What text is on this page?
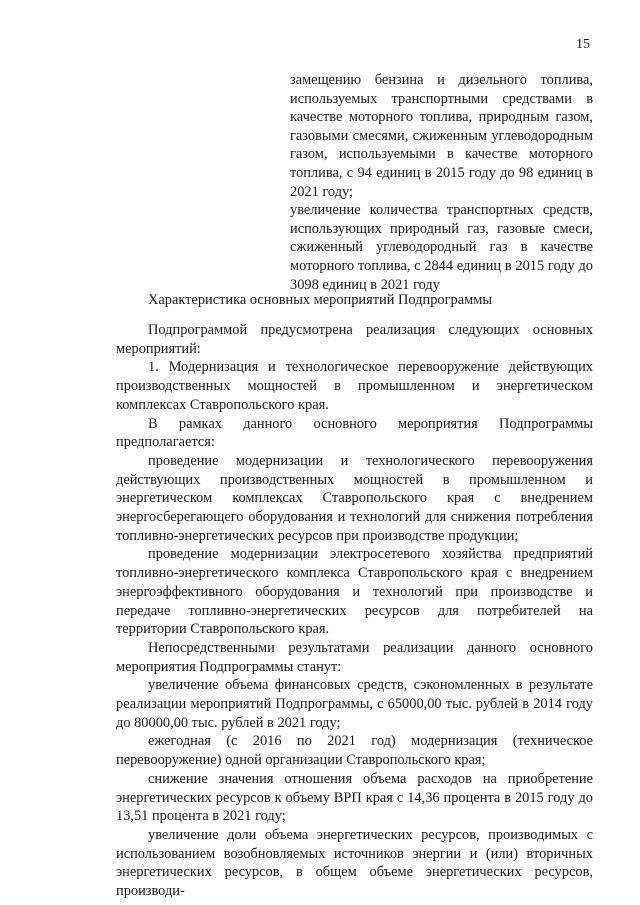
15

замещению бензина и дизельного топлива, используемых транспортными средствами в качестве моторного топлива, природным газом, газовыми смесями, сжиженным углеводородным газом, используемыми в качестве моторного топлива, с 94 единиц в 2015 году до 98 единиц в 2021 году;

увеличение количества транспортных средств, использующих природный газ, газовые смеси, сжиженный углеводородный газ в качестве моторного топлива, с 2844 единиц в 2015 году до 3098 единиц в 2021 году

Характеристика основных мероприятий Подпрограммы

Подпрограммой предусмотрена реализация следующих основных мероприятий:

1. Модернизация и технологическое перевооружение действующих производственных мощностей в промышленном и энергетическом комплексах Ставропольского края.

В рамках данного основного мероприятия Подпрограммы предполагается:

проведение модернизации и технологического перевооружения действующих производственных мощностей в промышленном и энергетическом комплексах Ставропольского края с внедрением энергосберегающего оборудования и технологий для снижения потребления топливно-энергетических ресурсов при производстве продукции;

проведение модернизации электросетевого хозяйства предприятий топливно-энергетического комплекса Ставропольского края с внедрением энергоэффективного оборудования и технологий при производстве и передаче топливно-энергетических ресурсов для потребителей на территории Ставропольского края.

Непосредственными результатами реализации данного основного мероприятия Подпрограммы станут:

увеличение объема финансовых средств, сэкономленных в результате реализации мероприятий Подпрограммы, с 65000,00 тыс. рублей в 2014 году до 80000,00 тыс. рублей в 2021 году;

ежегодная (с 2016 по 2021 год) модернизация (техническое перевооружение) одной организации Ставропольского края;

снижение значения отношения объема расходов на приобретение энергетических ресурсов к объему ВРП края с 14,36 процента в 2015 году до 13,51 процента в 2021 году;

увеличение доли объема энергетических ресурсов, производимых с использованием возобновляемых источников энергии и (или) вторичных энергетических ресурсов, в общем объеме энергетических ресурсов, производи-
